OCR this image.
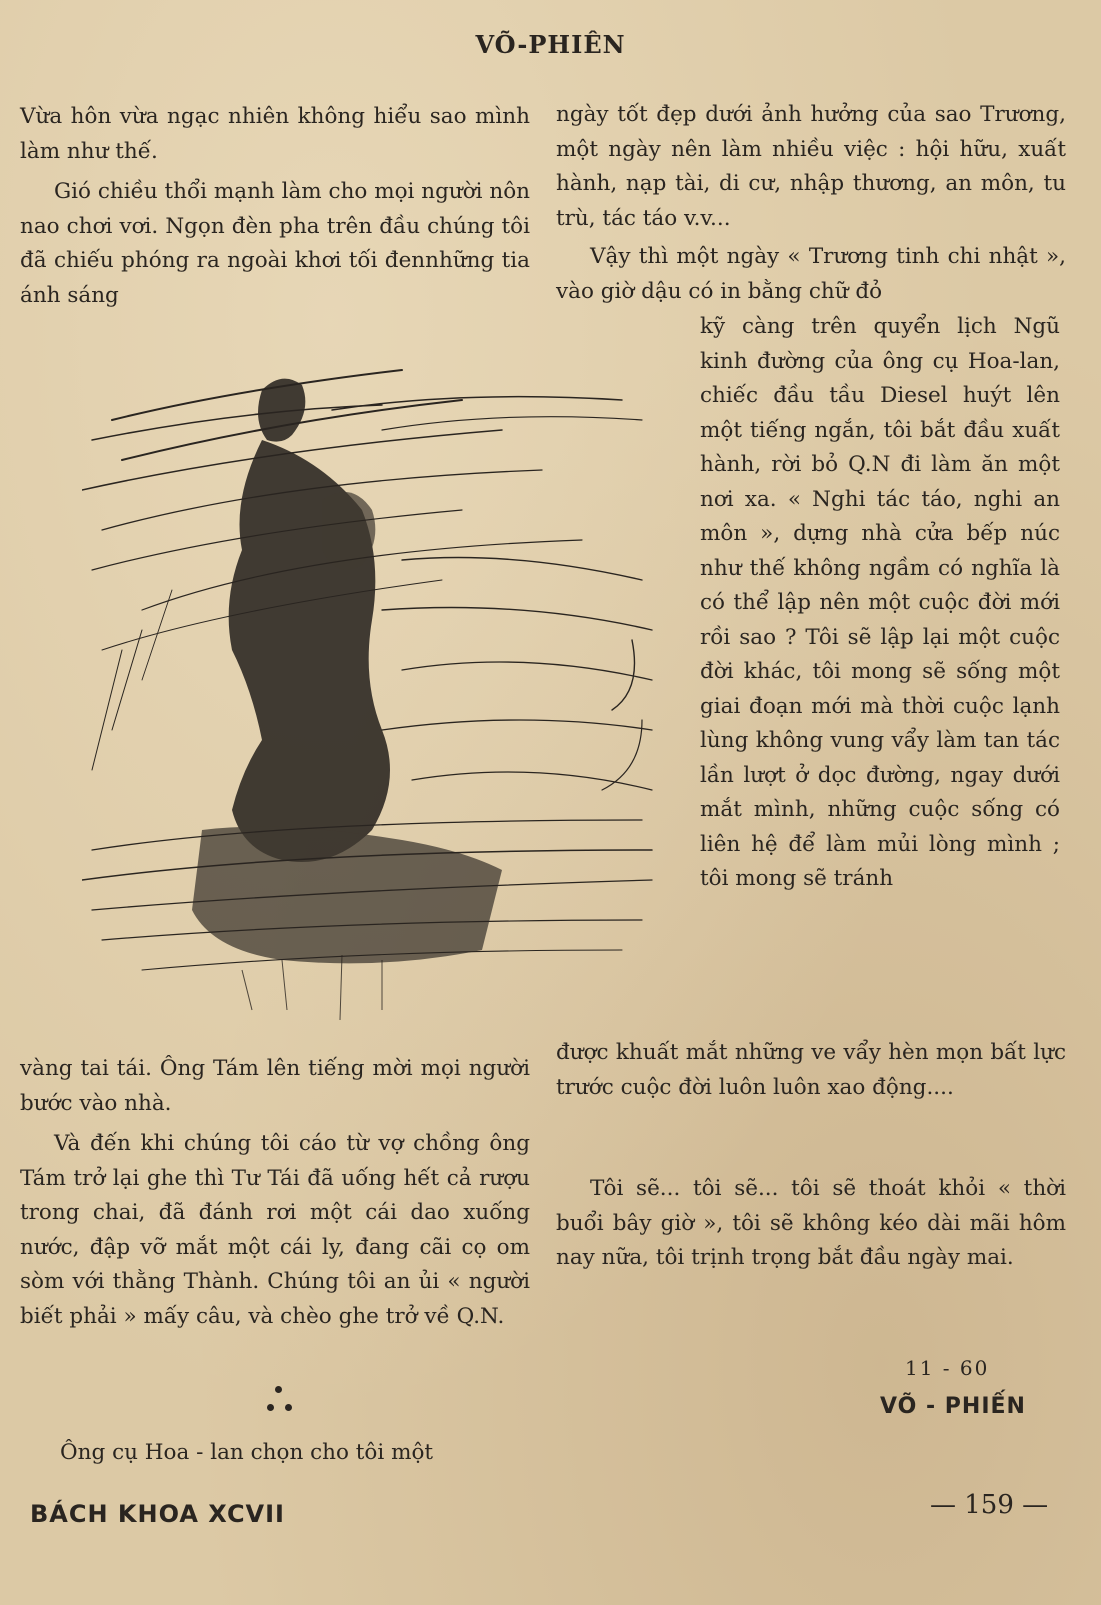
VÕ-PHIÊN

Vừa hôn vừa ngạc nhiên không hiểu sao mình làm như thế.

Gió chiều thổi mạnh làm cho mọi người nôn nao chơi vơi. Ngọn đèn pha trên đầu chúng tôi đã chiếu phóng ra ngoài khơi tối đennhững tia ánh sáng

vàng tai tái. Ông Tám lên tiếng mời mọi người bước vào nhà.

Và đến khi chúng tôi cáo từ vợ chồng ông Tám trở lại ghe thì Tư Tái đã uống hết cả rượu trong chai, đã đánh rơi một cái dao xuống nước, đập vỡ mắt một cái ly, đang cãi cọ om sòm với thằng Thành. Chúng tôi an ủi « người biết phải » mấy câu, và chèo ghe trở về Q.N.

Ông cụ Hoa - lan chọn cho tôi một

ngày tốt đẹp dưới ảnh hưởng của sao Trương, một ngày nên làm nhiều việc : hội hữu, xuất hành, nạp tài, di cư, nhập thương, an môn, tu trù, tác táo v.v...

Vậy thì một ngày « Trương tinh chi nhật », vào giờ dậu có in bằng chữ đỏ

kỹ càng trên quyển lịch Ngũ kinh đường của ông cụ Hoa-lan, chiếc đầu tầu Diesel huýt lên một tiếng ngắn, tôi bắt đầu xuất hành, rời bỏ Q.N đi làm ăn một nơi xa. « Nghi tác táo, nghi an môn », dựng nhà cửa bếp núc như thế không ngầm có nghĩa là có thể lập nên một cuộc đời mới rồi sao ? Tôi sẽ lập lại một cuộc đời khác, tôi mong sẽ sống một giai đoạn mới mà thời cuộc lạnh lùng không vung vẩy làm tan tác lần lượt ở dọc đường, ngay dưới mắt mình, những cuộc sống có liên hệ để làm mủi lòng mình ; tôi mong sẽ tránh

được khuất mắt những ve vẩy hèn mọn bất lực trước cuộc đời luôn luôn xao động....

Tôi sẽ... tôi sẽ... tôi sẽ thoát khỏi « thời buổi bây giờ », tôi sẽ không kéo dài mãi hôm nay nữa, tôi trịnh trọng bắt đầu ngày mai.

11 - 60
VÕ - PHIẾN
BÁCH KHOA XCVII	— 159 —
